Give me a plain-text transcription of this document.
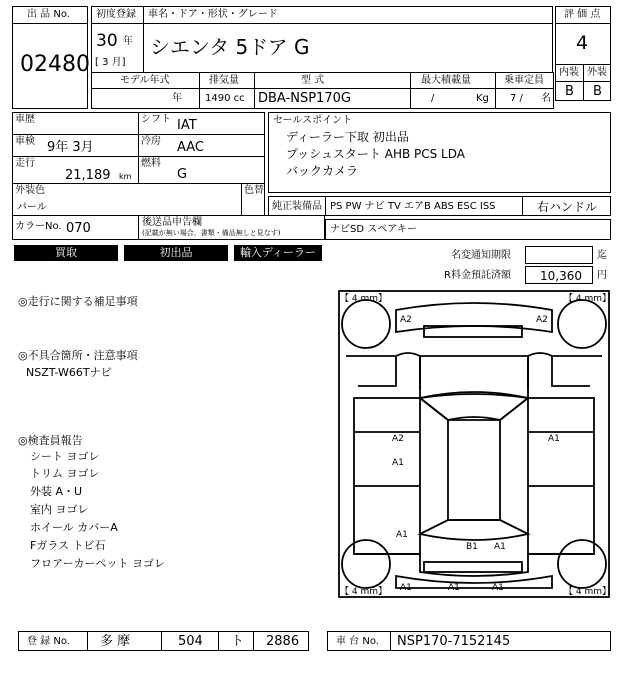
出 品 No.
02480
初度登録 車名・ドア・形状・グレード
30 年
[ 3 月]
シエンタ 5ドア G
評 価 点
4
内装 外装
B B
モデル年式	排気量	型 式	最大積載量	乗車定員
年 1490 cc DBA-NSP170G	/	Kg 7 / 名
車歴	シフト IAT
車検 9年 3月	冷房 AAC
走行
21,189 km
燃料
G
外装色
パール
色替
カラーNo. 070	後送品申告欄
(記載が無い場合、書類・備品無しと見なす)
セールスポイント
ディーラー下取 初出品
プッシュスタート AHB PCS LDA
バックカメラ
純正装備品 PS PW ナビ TV エアB ABS ESC ISS	右ハンドル
ナビSD スペアキー
買取	初出品	輸入ディーラー	名変通知期限	迄
R料金預託済額 10,360 円
◎走行に関する補足事項
◎不具合箇所・注意事項
NSZT-W66Tナビ
◎検査員報告
シート ヨゴレ
トリム ヨゴレ
外装 A・U
室内 ヨゴレ
ホイール カバーA
Fガラス トビ石
フロアーカーペット ヨゴレ
【 4 mm】	【 4 mm】
【 4 mm】	【 4 mm】
A2	A2
A2	A1
A1
A1
B1 A1
A1	A1	A1
登 録 No. 多 摩	504 ト 2886	車 台 No. NSP170-7152145
